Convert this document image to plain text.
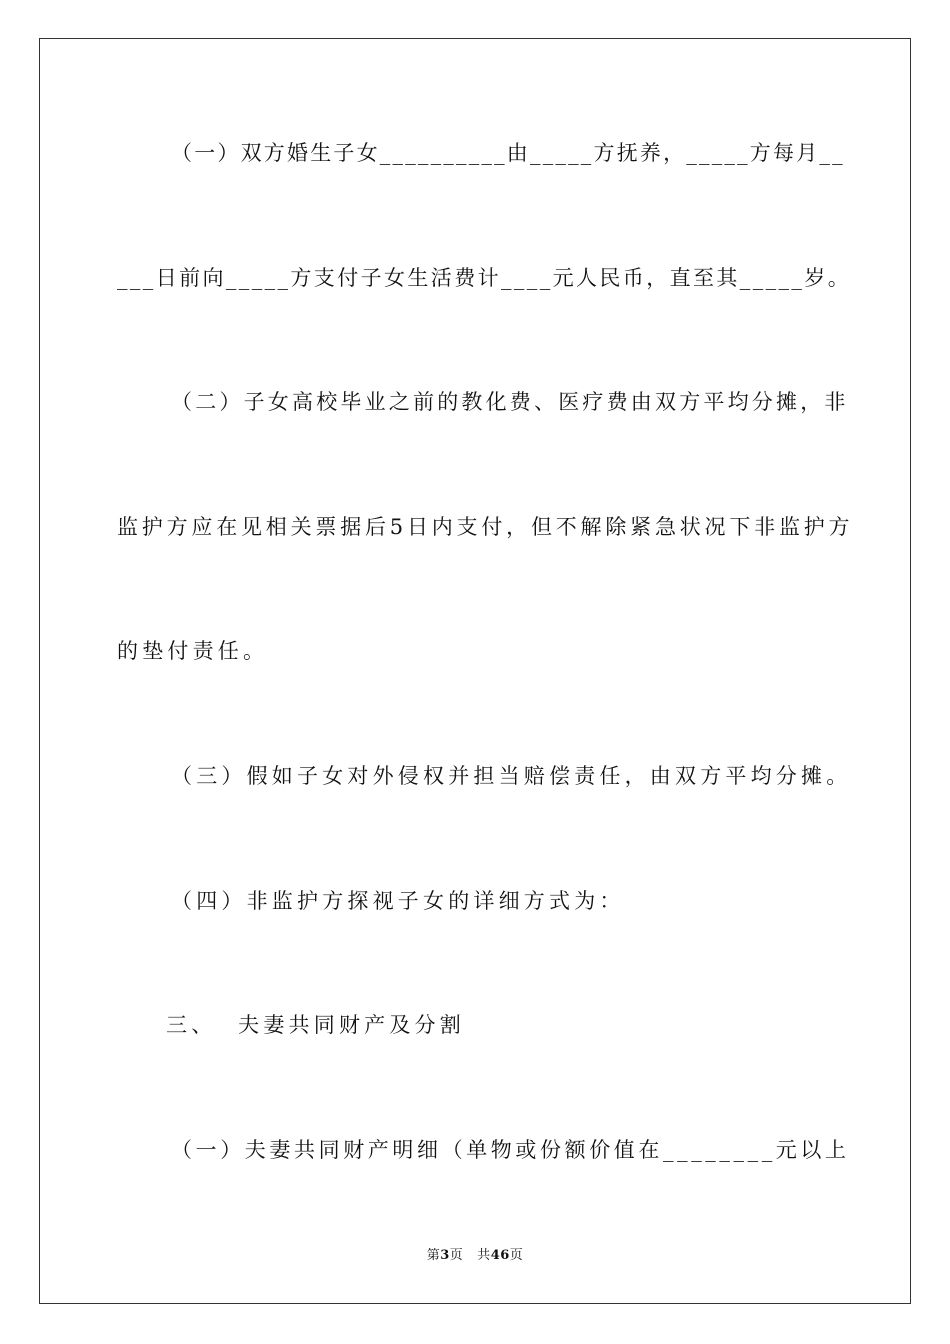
（一）双方婚生子女__________由_____方抚养，_____方每月__
___日前向_____方支付子女生活费计____元人民币，直至其_____岁。
（二）子女高校毕业之前的教化费、医疗费由双方平均分摊，非
监护方应在见相关票据后5日内支付，但不解除紧急状况下非监护方
的垫付责任。
（三）假如子女对外侵权并担当赔偿责任，由双方平均分摊。
（四）非监护方探视子女的详细方式为：
三、  夫妻共同财产及分割
（一）夫妻共同财产明细（单物或份额价值在________元以上
第3页 共46页
